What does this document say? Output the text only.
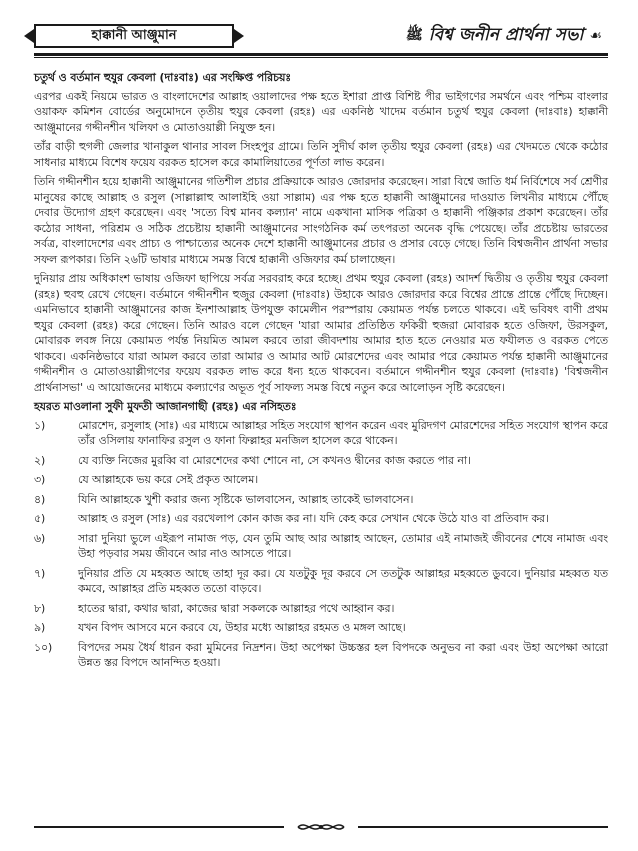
হাক্কানী আঞ্জুমান	ﷺ বিশ্ব জনীন প্রার্থনা সভা ☙

চতুর্থ ও বর্তমান হুযুর কেবলা (দাঃবাঃ) এর সংক্ষিপ্ত পরিচয়ঃ

এরপর একই নিয়মে ভারত ও বাংলাদেশের আল্লাহ ওয়ালাদের পক্ষ হতে ইশারা প্রাপ্ত বিশিষ্ট পীর ভাইগণের সমর্থনে এবং পশ্চিম বাংলার ওয়াকফ কমিশন বোর্ডের অনুমোদনে তৃতীয় হুযুর কেবলা (রহঃ) এর একনিষ্ঠ খাদেম বর্তমান চতুর্থ হুযুর কেবলা (দাঃবাঃ) হাক্কানী আঞ্জুমানের গদ্দীনশীন খলিফা ও মোতাওয়াল্লী নিযুক্ত হন।

তাঁর বাড়ী হুগলী জেলার খানাকুল থানার সাবল সিংহপুর গ্রামে। তিনি সুদীর্ঘ কাল তৃতীয় হুযুর কেবলা (রহঃ) এর খেদমতে থেকে কঠোর সাধনার মাধ্যমে বিশেষ ফয়েয বরকত হাসেল করে কামালিয়াতের পূর্ণতা লাভ করেন।

তিনি গদ্দীনশীন হয়ে হাক্কানী আঞ্জুমানের গতিশীল প্রচার প্রক্রিয়াকে আরও জোরদার করেছেন। সারা বিশ্বে জাতি ধর্ম নির্বিশেষে সর্ব শ্রেণীর মানুষের কাছে আল্লাহ ও রসুল (সাল্লাল্লাহু আলাইহি ওয়া সাল্লাম) এর পক্ষ হতে হাক্কানী আঞ্জুমানের দাওয়াত লিখনীর মাধ্যমে পৌঁছে দেবার উদ্যোগ গ্রহণ করেছেন। এবং 'সত্যে বিশ্ব মানব কল্যান' নামে একখানা মাসিক পত্রিকা ও হাক্কানী পঞ্জিকার প্রকাশ করেছেন। তাঁর কঠোর সাধনা, পরিশ্রম ও সঠিক প্রচেষ্টায় হাক্কানী আঞ্জুমানের সাংগঠনিক কর্ম তৎপরতা অনেক বৃদ্ধি পেয়েছে। তাঁর প্রচেষ্টায় ভারতের সর্বত্র, বাংলাদেশের এবং প্রাচ্য ও পাশ্চাত্যের অনেক দেশে হাক্কানী আঞ্জুমানের প্রচার ও প্রসার বেড়ে গেছে। তিনি বিশ্বজনীন প্রার্থনা সভার সফল রূপকার। তিনি ২৬টি ভাষার মাধ্যমে সমস্ত বিশ্বে হাক্কানী ওজিফার কর্ম চালাচ্ছেন।

দুনিয়ার প্রায় অধিকাংশ ভাষায় ওজিফা ছাপিয়ে সর্বত্র সরবরাহ করে হচ্ছে। প্রথম হুযুর কেবলা (রহঃ) আদর্শ দ্বিতীয় ও তৃতীয় হুযুর কেবলা (রহঃ) হুবহু রেখে গেছেন। বর্তমানে গদ্দীনশীন হুজুর কেবলা (দাঃবাঃ) উহাকে আরও জোরদার করে বিশ্বের প্রান্তে প্রান্তে পৌঁছে দিচ্ছেন। এমনিভাবে হাক্কানী আঞ্জুমানের কাজ ইনশাআল্লাহ উপযুক্ত কামেলীন পরস্পরায় কেয়ামত পর্যন্ত চলতে থাকবে। এই ভবিষৎ বাণী প্রথম হুযুর কেবলা (রহঃ) করে গেছেন। তিনি আরও বলে গেছেন 'যারা আমার প্রতিষ্ঠিত ফকিরী হুজরা মোবারক হতে ওজিফা, উরসকুল, মোবারক লবঙ্গ নিয়ে কেয়ামত পর্যন্ত নিয়মিত আমল করবে তারা জীবদশায় আমার হাত হতে নেওয়ার মত ফযীলত ও বরকত পেতে থাকবে। একনিষ্ঠভাবে যারা আমল করবে তারা আমার ও আমার আট মোরশেদের এবং আমার পরে কেয়ামত পর্যন্ত হাক্কানী আঞ্জুমানের গদ্দীনশীন ও মোতাওয়াল্লীগণের ফয়েয বরকত লাভ করে ধন্য হতে থাকবেন। বর্তমানে গদ্দীনশীন হুযুর কেবলা (দাঃবাঃ) 'বিশ্বজনীন প্রার্থনাসভা' এ আয়োজনের মাধ্যমে কল্যাণের অভূত পূর্ব সাফল্য সমস্ত বিশ্বে নতুন করে আলোড়ন সৃষ্টি করেছেন।

হযরত মাওলানা সুফী মুফতী আজানগাছী (রহঃ) এর নসিহতঃ

১)	মোরশেদ, রসুলাহ (সাঃ) এর মাধ্যমে আল্লাহর সহিত সংযোগ স্থাপন করেন এবং মুরিদগণ মোরশেদের সহিত সংযোগ স্থাপন করে তাঁর ওসিলায় ফানাফির রসুল ও ফানা ফিল্লাহর মনজিল হাসেল করে থাকেন।
২)	যে ব্যক্তি নিজের মুরব্বি বা মোরশেদের কথা শোনে না, সে কখনও দ্বীনের কাজ করতে পার না।
৩)	যে আল্লাহকে ভয় করে সেই প্রকৃত আলেম।
৪)	যিনি আল্লাহকে খুশী করার জন্য সৃষ্টিকে ভালবাসেন, আল্লাহ তাকেই ভালবাসেন।
৫)	আল্লাহ ও রসুল (সাঃ) এর বরখেলাপ কোন কাজ কর না। যদি কেহ করে সেখান থেকে উঠে যাও বা প্রতিবাদ কর।
৬)	সারা দুনিয়া ভুলে এইরূপ নামাজ পড়, যেন তুমি আছ আর আল্লাহ আছেন, তোমার এই নামাজই জীবনের শেষে নামাজ এবং উহা পড়বার সময় জীবনে আর নাও আসতে পারে।
৭)	দুনিয়ার প্রতি যে মহব্বত আছে তাহা দূর কর। যে যতটুকু দূর করবে সে ততটুক আল্লাহর মহব্বতে ডুববে। দুনিয়ার মহব্বত যত কমবে, আল্লাহর প্রতি মহব্বত ততো বাড়বে।
৮)	হাতের দ্বারা, কথার দ্বারা, কাজের দ্বারা সকলকে আল্লাহর পথে আহ্বান কর।
৯)	যখন বিপদ আসবে মনে করবে যে, উহার মধ্যে আল্লাহর রহমত ও মঙ্গল আছে।
১০)	বিপদের সময় ধৈর্য ধারন করা মুমিনের নিদ্রশন। উহা অপেক্ষা উচ্চস্তর হল বিপদকে অনুভব না করা এবং উহা অপেক্ষা আরো উন্নত স্তর বিপদে আনন্দিত হওয়া।
